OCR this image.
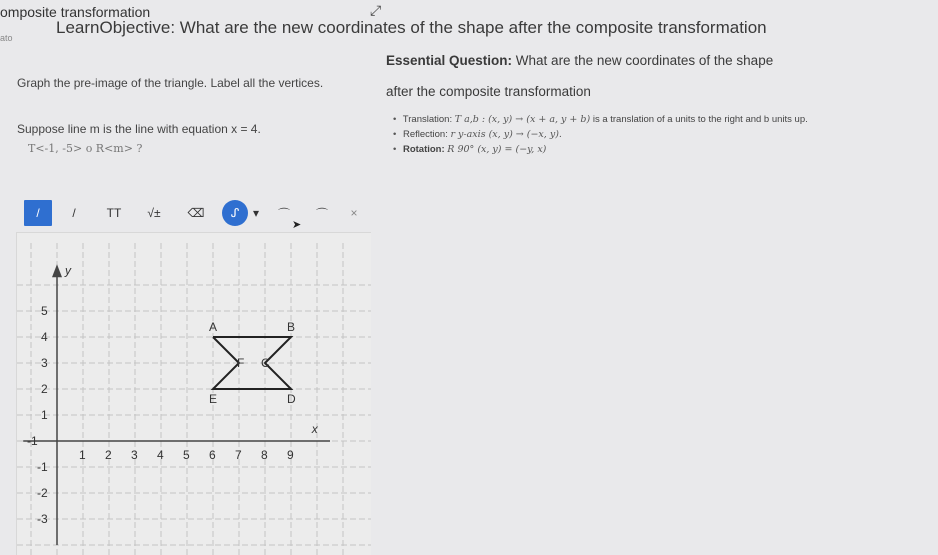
omposite transformation
ato
⤢
LearnObjective: What are the new coordinates of the shape after the composite transformation
Graph the pre-image of the triangle. Label all the vertices.
Essential Question: What are the new coordinates of the shape
after the composite transformation
Suppose line m is the line with equation x = 4.
T<-1, -5> o R<m> ?
• Translation: T a,b : (x, y) → (x + a, y + b) is a translation of a units to the right and b units up.
• Reflection: r y-axis (x, y) → (−x, y).
• Rotation: R 90° (x, y) = (−y, x)
/	/	TT	√±	⌫	ᔑ	▾	⌒	⌒	×
➤
y
x
1 2 3 4 5 6 7 8 9
-1
5
4
3
2
1
-1
-2
-3
A	B
F C
E	D
